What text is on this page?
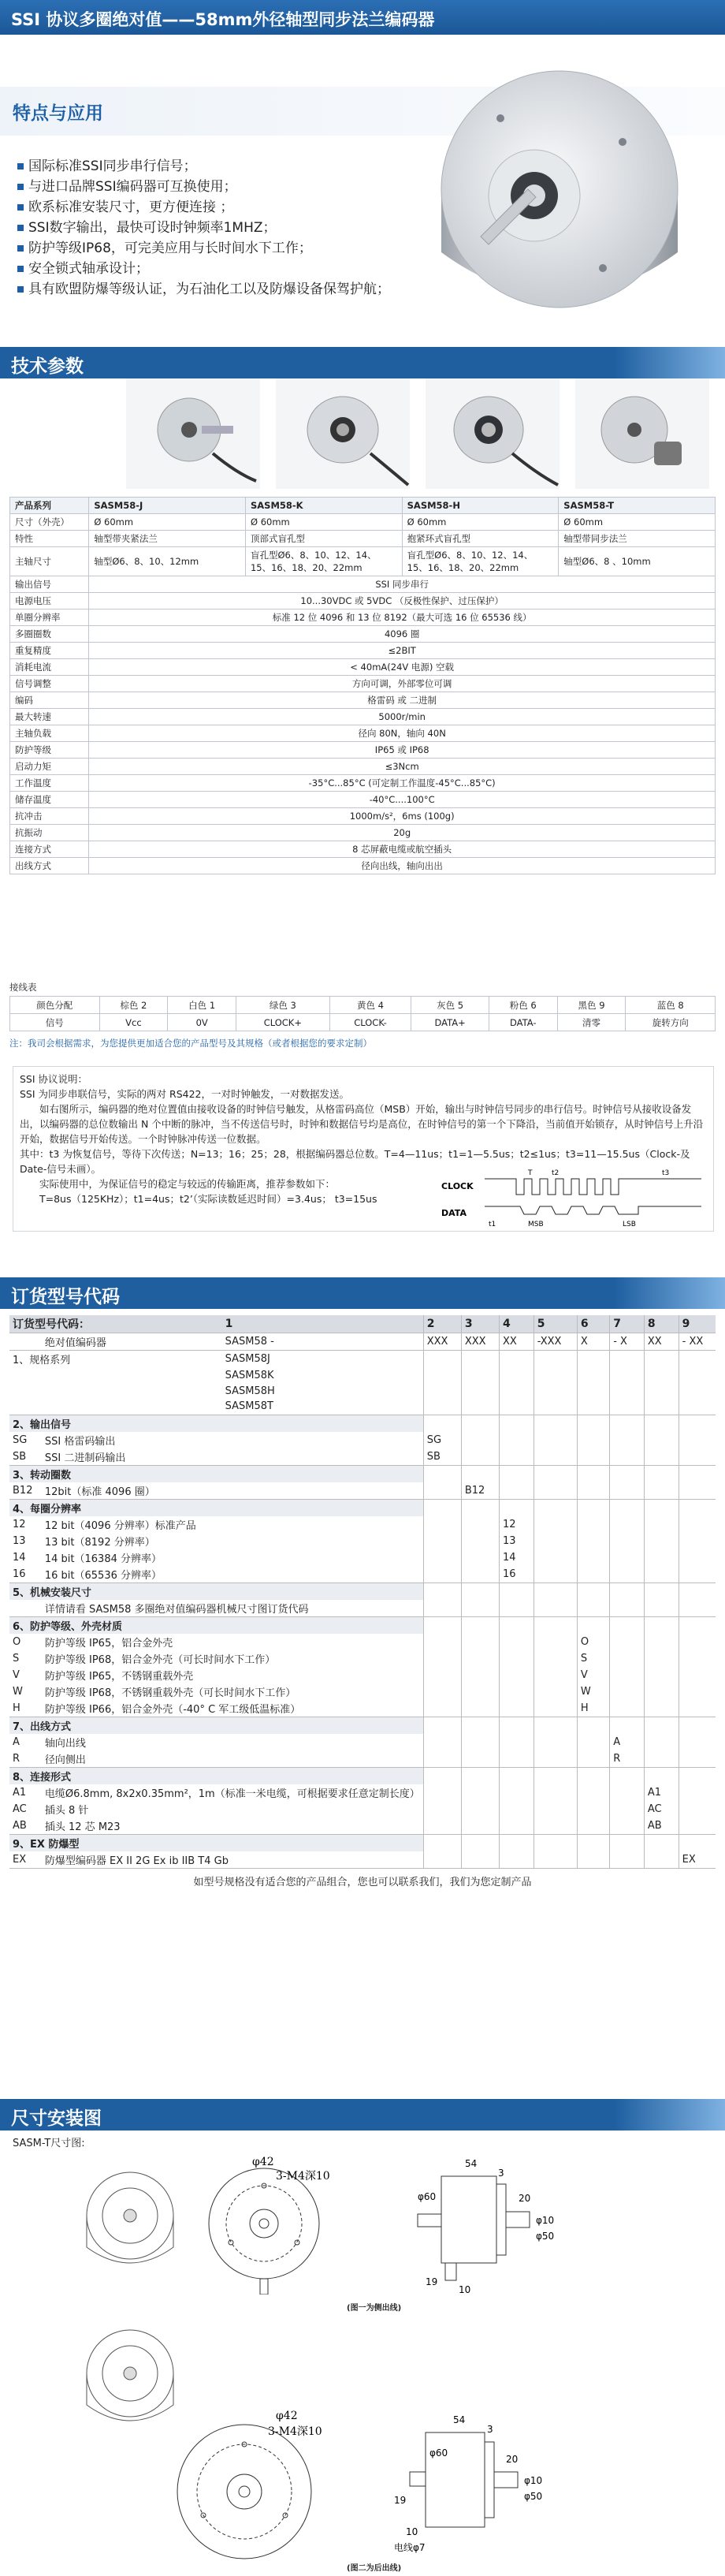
SSI 协议多圈绝对值——58mm外径轴型同步法兰编码器
特点与应用
国际标准SSI同步串行信号；
与进口品牌SSI编码器可互换使用；
欧系标准安装尺寸，更方便连接 ；
SSI数字输出，最快可设时钟频率1MHZ；
防护等级IP68，可完美应用与长时间水下工作；
安全锁式轴承设计；
具有欧盟防爆等级认证，为石油化工以及防爆设备保驾护航；
技术参数
产品系列	SASM58-J	SASM58-K	SASM58-H	SASM58-T
尺寸（外壳）	Ø 60mm	Ø 60mm	Ø 60mm	Ø 60mm
特性	轴型带夹紧法兰	顶部式盲孔型	抱紧环式盲孔型	轴型带同步法兰
主轴尺寸	轴型Ø6、8、10、12mm	盲孔型Ø6、8、10、12、14、15、16、18、20、22mm	盲孔型Ø6、8、10、12、14、15、16、18、20、22mm	轴型Ø6、8 、10mm
输出信号	SSI 同步串行			
电源电压	10...30VDC 或 5VDC （反极性保护、过压保护）			
单圈分辨率	标准 12 位 4096 和 13 位 8192（最大可选 16 位 65536 线）			
多圈圈数	4096 圈			
重复精度	≤2BIT			
消耗电流	< 40mA(24V 电源) 空载			
信号调整	方向可调，外部零位可调			
编码	格雷码 或 二进制			
最大转速	5000r/min			
主轴负载	径向 80N，轴向 40N			
防护等级	IP65 或 IP68			
启动力矩	≤3Ncm			
工作温度	-35°C...85°C (可定制工作温度-45°C...85°C)			
储存温度	-40°C....100°C			
抗冲击	1000m/s²，6ms (100g)			
抗振动	20g			
连接方式	8 芯屏蔽电缆或航空插头			
出线方式	径向出线，轴向出出			
接线表
颜色分配	棕色 2	白色 1	绿色 3	黄色 4	灰色 5	粉色 6	黑色 9	蓝色 8
信号	Vcc	0V	CLOCK+	CLOCK-	DATA+	DATA-	清零	旋转方向
注：我司会根据需求，为您提供更加适合您的产品型号及其规格（或者根据您的要求定制）
SSI 协议说明：
SSI 为同步串联信号，实际的两对 RS422，一对时钟触发，一对数据发送。
如右图所示，编码器的绝对位置值由接收设备的时钟信号触发，从格雷码高位（MSB）开始，输出与时钟信号同步的串行信号。时钟信号从接收设备发出，以编码器的总位数输出 N 个中断的脉冲，当不传送信号时，时钟和数据信号均是高位，在时钟信号的第一个下降沿，当前值开始锁存，从时钟信号上升沿开始，数据信号开始传送。一个时钟脉冲传送一位数据。
其中：t3 为恢复信号，等待下次传送；N=13；16；25；28，根据编码器总位数。T=4—11us；t1=1—5.5us；t2≤1us；t3=11—15.5us（Clock-及Date-信号未画）。
实际使用中，为保证信号的稳定与较远的传输距离，推荐参数如下：
T=8us（125KHz）；t1=4us；t2’（实际读数延迟时间）=3.4us； t3=15us
CLOCK
DATA
T	t2	t3
t1	MSB	LSB
订货型号代码
订货型号代码：		1	2	3	4	5	6	7	8	9
	绝对值编码器	SASM58 -	XXX	XXX	XX	-XXX	X	- X	XX	- XX
1、规格系列		SASM58J								
		SASM58K								
		SASM58H								
		SASM58T								
2、输出信号										
SG	SSI 格雷码输出		SG							
SB	SSI 二进制码输出		SB							
3、转动圈数										
B12	12bit（标准 4096 圈）			B12						
4、每圈分辨率										
12	12 bit（4096 分辨率）标准产品				12					
13	13 bit（8192 分辨率）				13					
14	14 bit（16384 分辨率）				14					
16	16 bit（65536 分辨率）				16					
5、机械安装尺寸										
	详情请看 SASM58 多圈绝对值编码器机械尺寸图订货代码									
6、防护等级、外壳材质										
O	防护等级 IP65，铝合金外壳						O			
S	防护等级 IP68，铝合金外壳（可长时间水下工作）						S			
V	防护等级 IP65，不锈钢重载外壳						V			
W	防护等级 IP68，不锈钢重载外壳（可长时间水下工作）						W			
H	防护等级 IP66，铝合金外壳（-40° C 军工级低温标准）						H			
7、出线方式										
A	轴向出线							A		
R	径向侧出							R		
8、连接形式										
A1	电缆Ø6.8mm, 8x2x0.35mm²，1m（标准一米电缆，可根据要求任意定制长度）								A1	
AC	插头 8 针								AC	
AB	插头 12 芯 M23								AB	
9、EX 防爆型										
EX	防爆型编码器 EX II 2G Ex ib IIB T4 Gb									EX
如型号规格没有适合您的产品组合，您也可以联系我们，我们为您定制产品										
尺寸安装图
SASM-T尺寸图:
φ42
3-M4深10
54
20
3
φ60
φ10
φ50
19
10
(图一为侧出线)
φ42
3-M4深10
54
20
3
φ60
φ10
φ50
19
10
电线φ7
(图二为后出线)
